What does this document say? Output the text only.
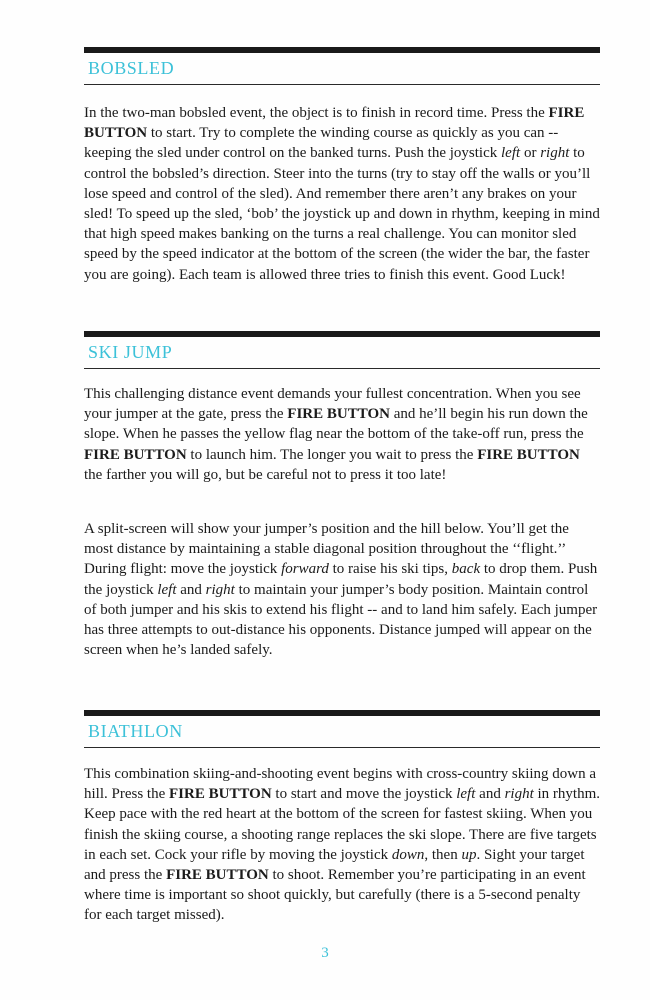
BOBSLED

In the two-man bobsled event, the object is to finish in record time. Press the FIRE BUTTON to start. Try to complete the winding course as quickly as you can -- keeping the sled under control on the banked turns. Push the joystick left or right to control the bobsled’s direction. Steer into the turns (try to stay off the walls or you’ll lose speed and control of the sled). And remember there aren’t any brakes on your sled! To speed up the sled, ‘bob’ the joystick up and down in rhythm, keeping in mind that high speed makes banking on the turns a real challenge. You can monitor sled speed by the speed indicator at the bottom of the screen (the wider the bar, the faster you are going). Each team is allowed three tries to finish this event. Good Luck!

SKI JUMP

This challenging distance event demands your fullest concentration. When you see your jumper at the gate, press the FIRE BUTTON and he’ll begin his run down the slope. When he passes the yellow flag near the bottom of the take-off run, press the FIRE BUTTON to launch him. The longer you wait to press the FIRE BUTTON the farther you will go, but be careful not to press it too late!

A split-screen will show your jumper’s position and the hill below. You’ll get the most distance by maintaining a stable diagonal position throughout the ‘‘flight.’’ During flight: move the joystick forward to raise his ski tips, back to drop them. Push the joystick left and right to maintain your jumper’s body position. Maintain control of both jumper and his skis to extend his flight -- and to land him safely. Each jumper has three attempts to out-distance his opponents. Distance jumped will appear on the screen when he’s landed safely.

BIATHLON

This combination skiing-and-shooting event begins with cross-country skiing down a hill. Press the FIRE BUTTON to start and move the joystick left and right in rhythm. Keep pace with the red heart at the bottom of the screen for fastest skiing. When you finish the skiing course, a shooting range replaces the ski slope. There are five targets in each set. Cock your rifle by moving the joystick down, then up. Sight your target and press the FIRE BUTTON to shoot. Remember you’re participating in an event where time is important so shoot quickly, but carefully (there is a 5-second penalty for each target missed).

3
